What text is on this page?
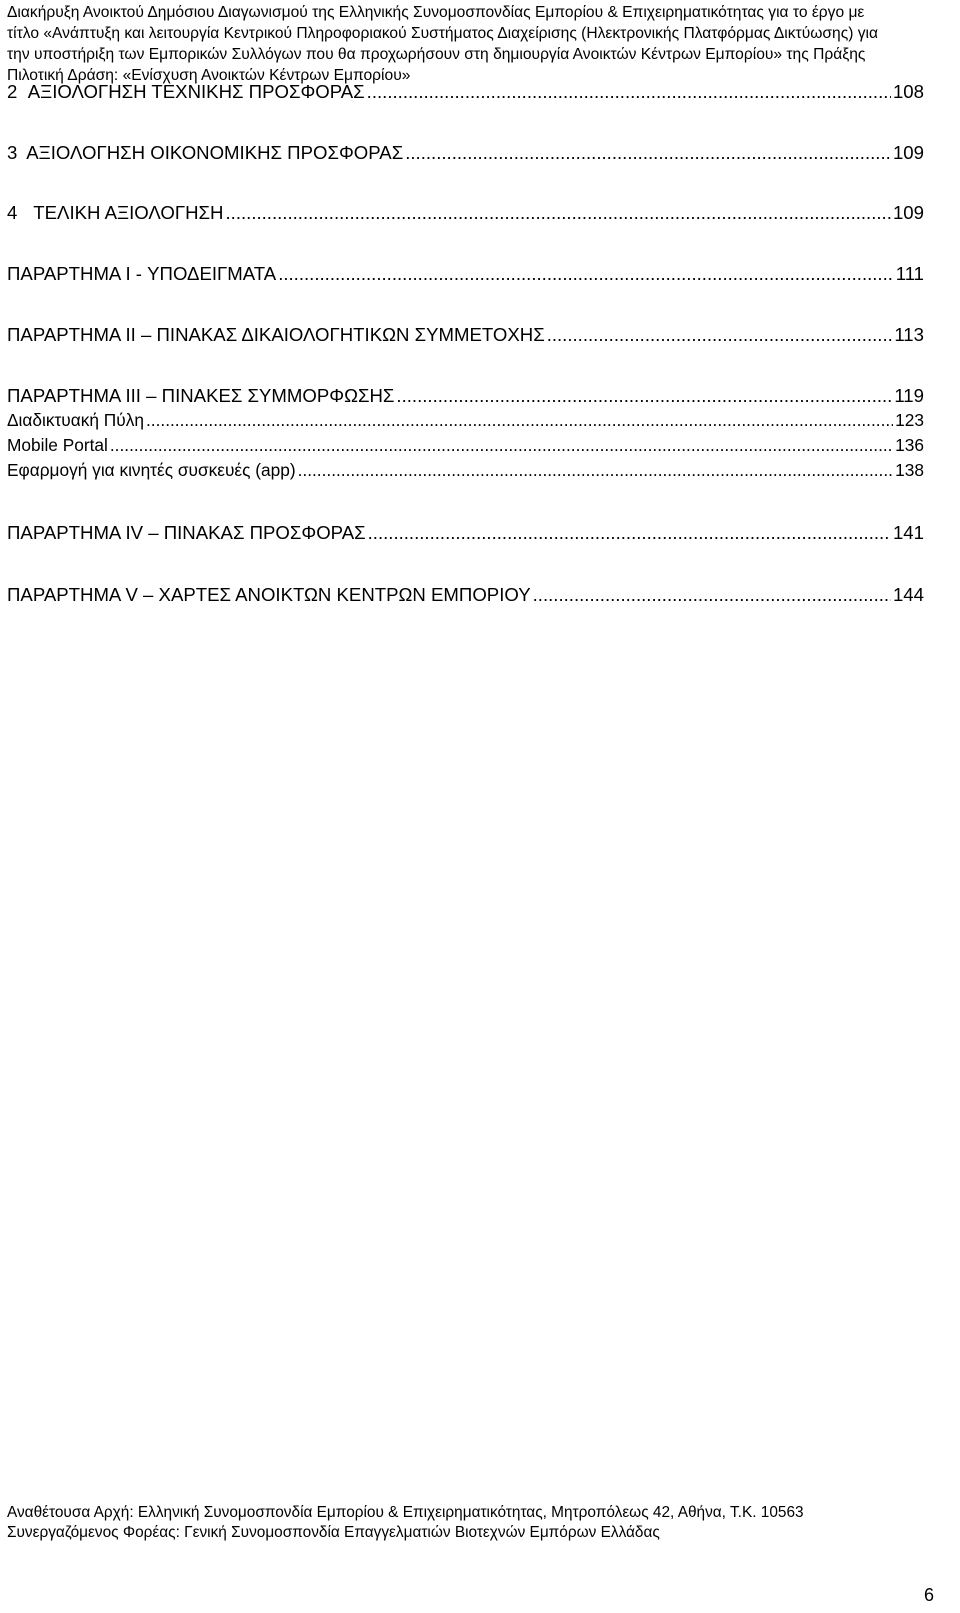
Διακήρυξη Ανοικτού Δημόσιου Διαγωνισμού της Ελληνικής Συνομοσπονδίας Εμπορίου & Επιχειρηματικότητας για το έργο με
τίτλο «Ανάπτυξη και λειτουργία Κεντρικού Πληροφοριακού Συστήματος Διαχείρισης (Ηλεκτρονικής Πλατφόρμας Δικτύωσης) για
την υποστήριξη των Εμπορικών Συλλόγων που θα προχωρήσουν στη δημιουργία Ανοικτών Κέντρων Εμπορίου» της Πράξης
Πιλοτική Δράση: «Ενίσχυση Ανοικτών Κέντρων Εμπορίου»
2 ΑΞΙΟΛΟΓΗΣΗ ΤΕΧΝΙΚΗΣ ΠΡΟΣΦΟΡΑΣ .....	108
3 ΑΞΙΟΛΟΓΗΣΗ ΟΙΚΟΝΟΜΙΚΗΣ ΠΡΟΣΦΟΡΑΣ .....	109
4 ΤΕΛΙΚΗ ΑΞΙΟΛΟΓΗΣΗ .....	109
ΠΑΡΑΡΤΗΜΑ I - ΥΠΟΔΕΙΓΜΑΤΑ .....	111
ΠΑΡΑΡΤΗΜΑ II – ΠΙΝΑΚΑΣ ΔΙΚΑΙΟΛΟΓΗΤΙΚΩΝ ΣΥΜΜΕΤΟΧΗΣ .....	113
ΠΑΡΑΡΤΗΜΑ III – ΠΙΝΑΚΕΣ ΣΥΜΜΟΡΦΩΣΗΣ .....	119
Διαδικτυακή Πύλη .....	123
Mobile Portal .....	136
Εφαρμογή για κινητές συσκευές (app) .....	138
ΠΑΡΑΡΤΗΜΑ IV – ΠΙΝΑΚΑΣ ΠΡΟΣΦΟΡΑΣ .....	141
ΠΑΡΑΡΤΗΜΑ V – ΧΑΡΤΕΣ ΑΝΟΙΚΤΩΝ ΚΕΝΤΡΩΝ ΕΜΠΟΡΙΟΥ .....	144
Αναθέτουσα Αρχή: Ελληνική Συνομοσπονδία Εμπορίου & Επιχειρηματικότητας, Μητροπόλεως 42, Αθήνα, Τ.Κ. 10563
Συνεργαζόμενος Φορέας: Γενική Συνομοσπονδία Επαγγελματιών Βιοτεχνών Εμπόρων Ελλάδας
6
